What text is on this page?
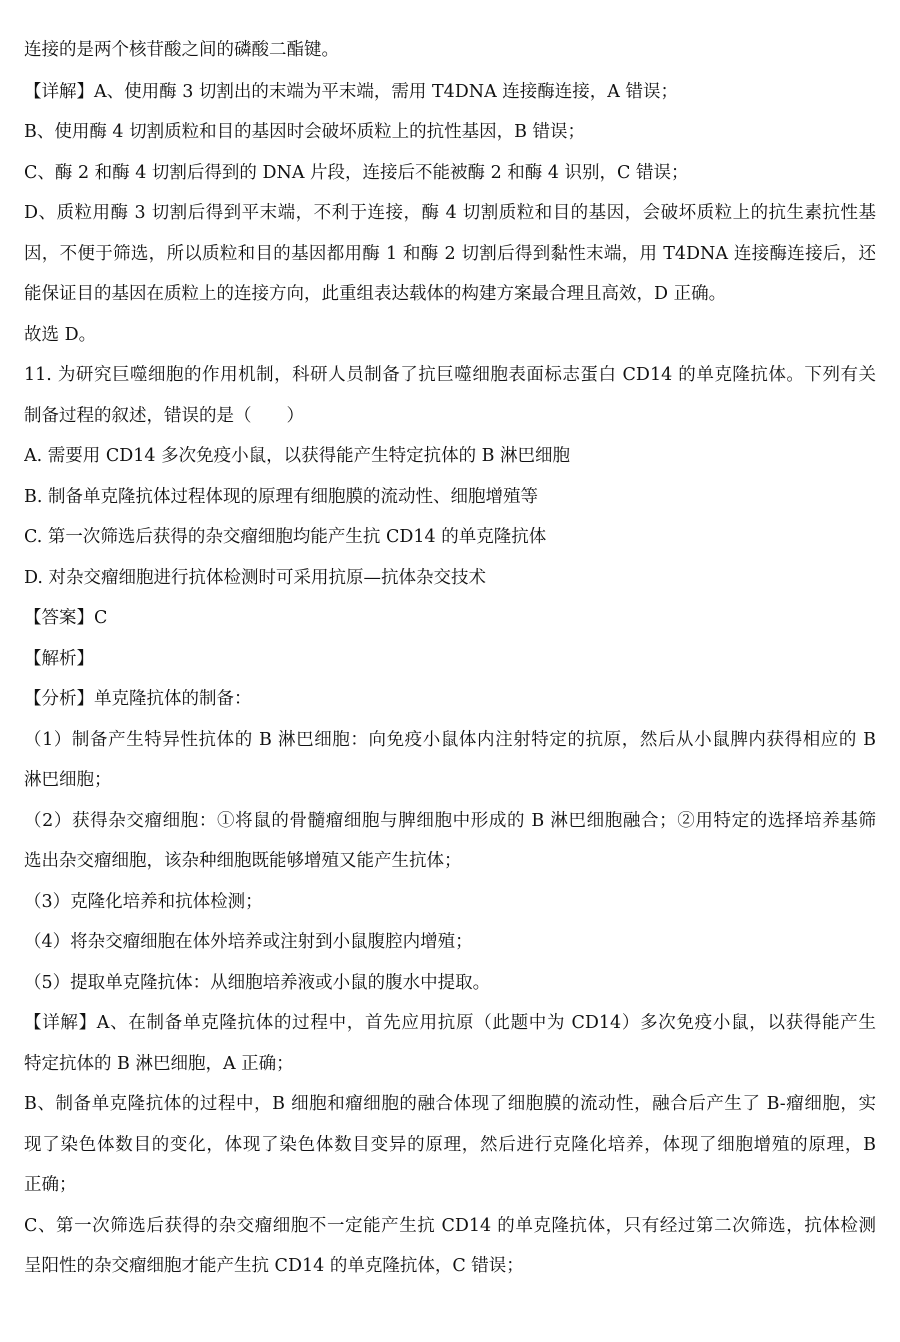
连接的是两个核苷酸之间的磷酸二酯键。
【详解】A、使用酶 3 切割出的末端为平末端，需用 T4DNA 连接酶连接，A 错误；
B、使用酶 4 切割质粒和目的基因时会破坏质粒上的抗性基因，B 错误；
C、酶 2 和酶 4 切割后得到的 DNA 片段，连接后不能被酶 2 和酶 4 识别，C 错误；
D、质粒用酶 3 切割后得到平末端，不利于连接，酶 4 切割质粒和目的基因，会破坏质粒上的抗生素抗性基
因，不便于筛选，所以质粒和目的基因都用酶 1 和酶 2 切割后得到黏性末端，用 T4DNA 连接酶连接后，还
能保证目的基因在质粒上的连接方向，此重组表达载体的构建方案最合理且高效，D 正确。
故选 D。
11. 为研究巨噬细胞的作用机制，科研人员制备了抗巨噬细胞表面标志蛋白 CD14 的单克隆抗体。下列有关
制备过程的叙述，错误的是（　　）
A. 需要用 CD14 多次免疫小鼠，以获得能产生特定抗体的 B 淋巴细胞
B. 制备单克隆抗体过程体现的原理有细胞膜的流动性、细胞增殖等
C. 第一次筛选后获得的杂交瘤细胞均能产生抗 CD14 的单克隆抗体
D. 对杂交瘤细胞进行抗体检测时可采用抗原—抗体杂交技术
【答案】C
【解析】
【分析】单克隆抗体的制备：
（1）制备产生特异性抗体的 B 淋巴细胞：向免疫小鼠体内注射特定的抗原，然后从小鼠脾内获得相应的 B
淋巴细胞；
（2）获得杂交瘤细胞：①将鼠的骨髓瘤细胞与脾细胞中形成的 B 淋巴细胞融合；②用特定的选择培养基筛
选出杂交瘤细胞，该杂种细胞既能够增殖又能产生抗体；
（3）克隆化培养和抗体检测；
（4）将杂交瘤细胞在体外培养或注射到小鼠腹腔内增殖；
（5）提取单克隆抗体：从细胞培养液或小鼠的腹水中提取。
【详解】A、在制备单克隆抗体的过程中，首先应用抗原（此题中为 CD14）多次免疫小鼠，以获得能产生
特定抗体的 B 淋巴细胞，A 正确；
B、制备单克隆抗体的过程中，B 细胞和瘤细胞的融合体现了细胞膜的流动性，融合后产生了 B-瘤细胞，实
现了染色体数目的变化，体现了染色体数目变异的原理，然后进行克隆化培养，体现了细胞增殖的原理，B
正确；
C、第一次筛选后获得的杂交瘤细胞不一定能产生抗 CD14 的单克隆抗体，只有经过第二次筛选，抗体检测
呈阳性的杂交瘤细胞才能产生抗 CD14 的单克隆抗体，C 错误；
